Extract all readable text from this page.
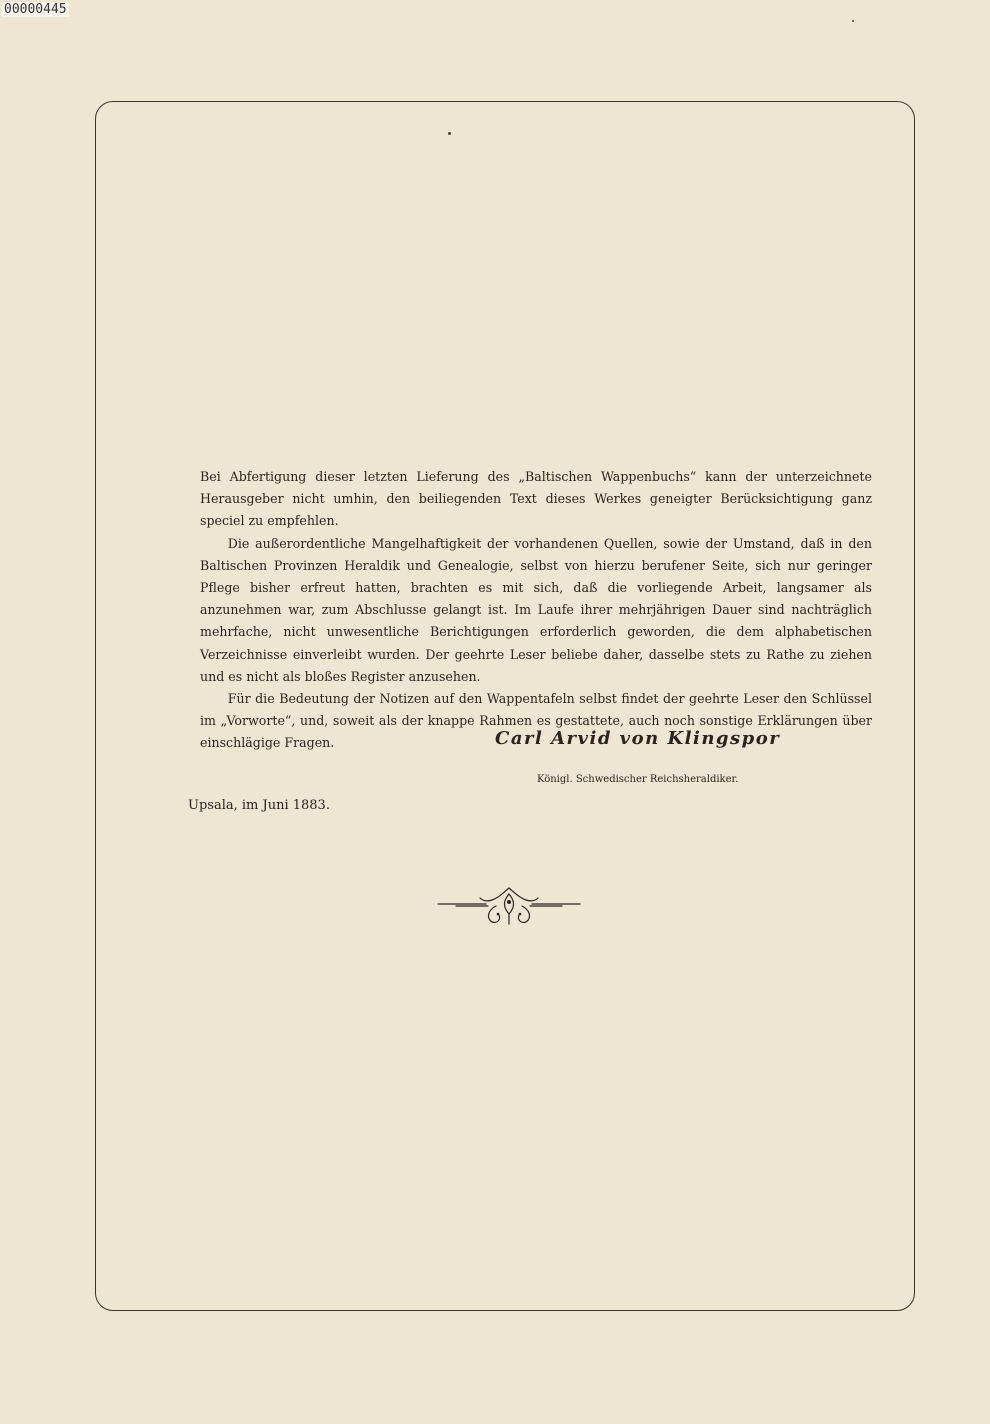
00000445

Bei Abfertigung dieser letzten Lieferung des „Baltischen Wappenbuchs“ kann der unterzeichnete Herausgeber nicht umhin, den beiliegenden Text dieses Werkes geneigter Berücksichtigung ganz speciel zu empfehlen.

Die außerordentliche Mangelhaftigkeit der vorhandenen Quellen, sowie der Umstand, daß in den Baltischen Provinzen Heraldik und Genealogie, selbst von hierzu berufener Seite, sich nur geringer Pflege bisher erfreut hatten, brachten es mit sich, daß die vorliegende Arbeit, langsamer als anzunehmen war, zum Abschlusse gelangt ist. Im Laufe ihrer mehrjährigen Dauer sind nachträglich mehrfache, nicht unwesentliche Berichtigungen erforderlich geworden, die dem alphabetischen Verzeichnisse einverleibt wurden. Der geehrte Leser beliebe daher, dasselbe stets zu Rathe zu ziehen und es nicht als bloßes Register anzusehen.

Für die Bedeutung der Notizen auf den Wappentafeln selbst findet der geehrte Leser den Schlüssel im „Vorworte“, und, soweit als der knappe Rahmen es gestattete, auch noch sonstige Erklärungen über einschlägige Fragen.	Carl Arvid von Klingspor
Königl. Schwedischer Reichsheraldiker.
Upsala, im Juni 1883.
